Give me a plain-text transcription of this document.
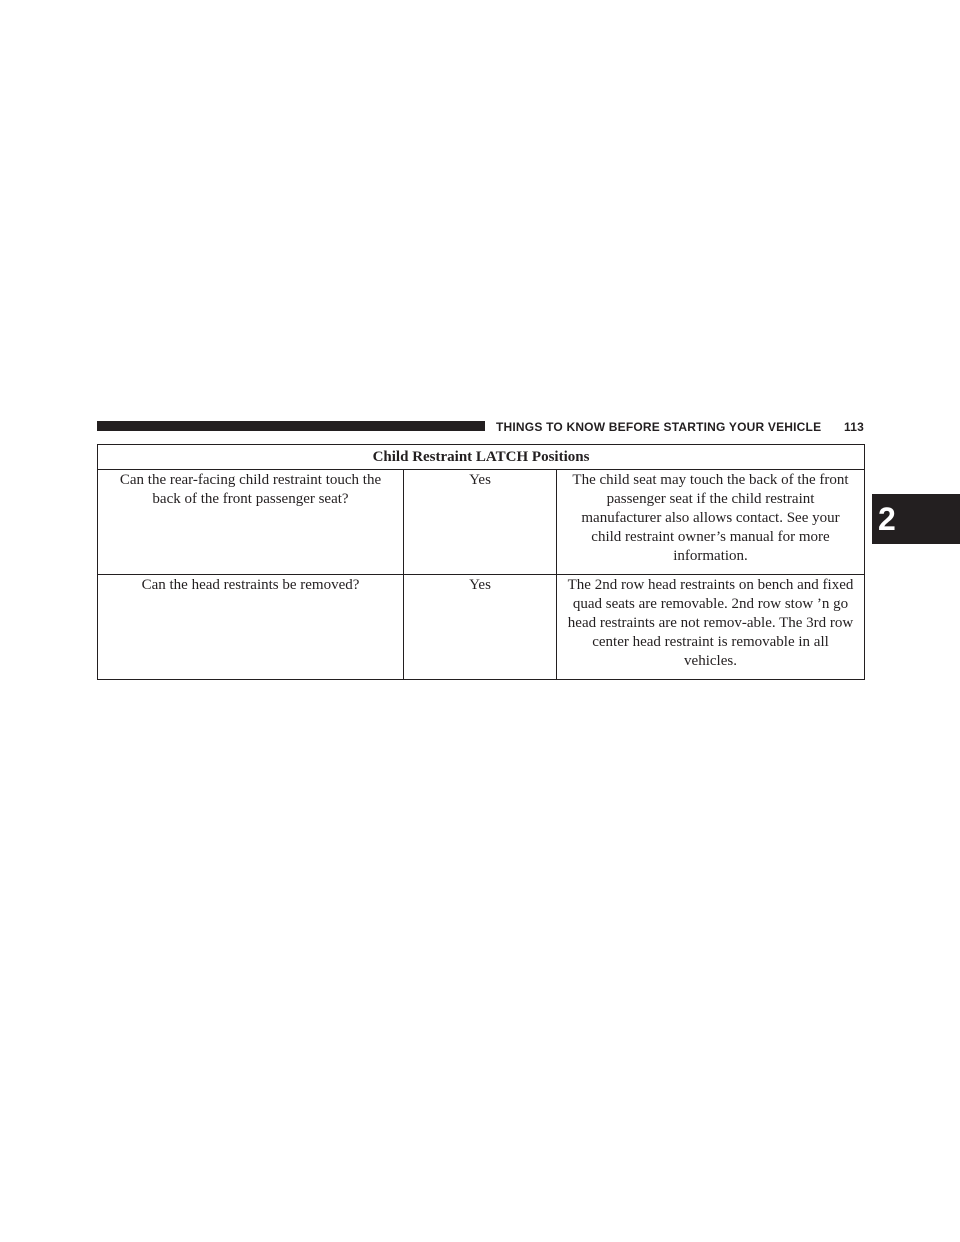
THINGS TO KNOW BEFORE STARTING YOUR VEHICLE 113
2
Child Restraint LATCH Positions		
Can the rear-facing child restraint touch the back of the front passenger seat?	Yes	The child seat may touch the back of the front passenger seat if the child restraint manufacturer also allows contact. See your child restraint owner’s manual for more information.
Can the head restraints be removed?	Yes	The 2nd row head restraints on bench and fixed quad seats are removable. 2nd row stow ’n go head restraints are not remov-able. The 3rd row center head restraint is removable in all vehicles.
